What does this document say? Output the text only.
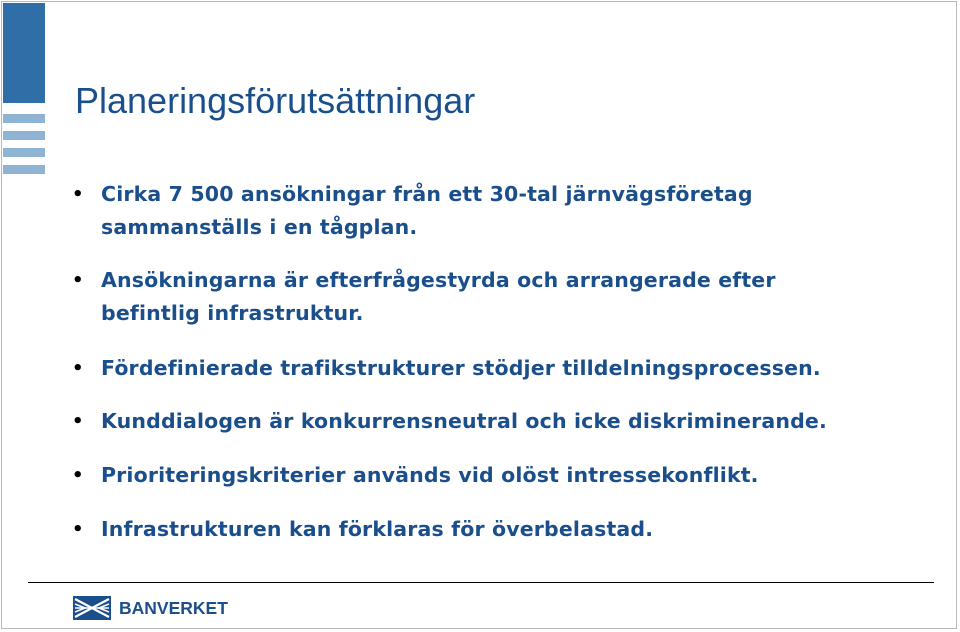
Planeringsförutsättningar
• Cirka 7 500 ansökningar från ett 30-tal järnvägsföretag
sammanställs i en tågplan.
• Ansökningarna är efterfrågestyrda och arrangerade efter
befintlig infrastruktur.
• Fördefinierade trafikstrukturer stödjer tilldelningsprocessen.
• Kunddialogen är konkurrensneutral och icke diskriminerande.
• Prioriteringskriterier används vid olöst intressekonflikt.
• Infrastrukturen kan förklaras för överbelastad.
BANVERKET
